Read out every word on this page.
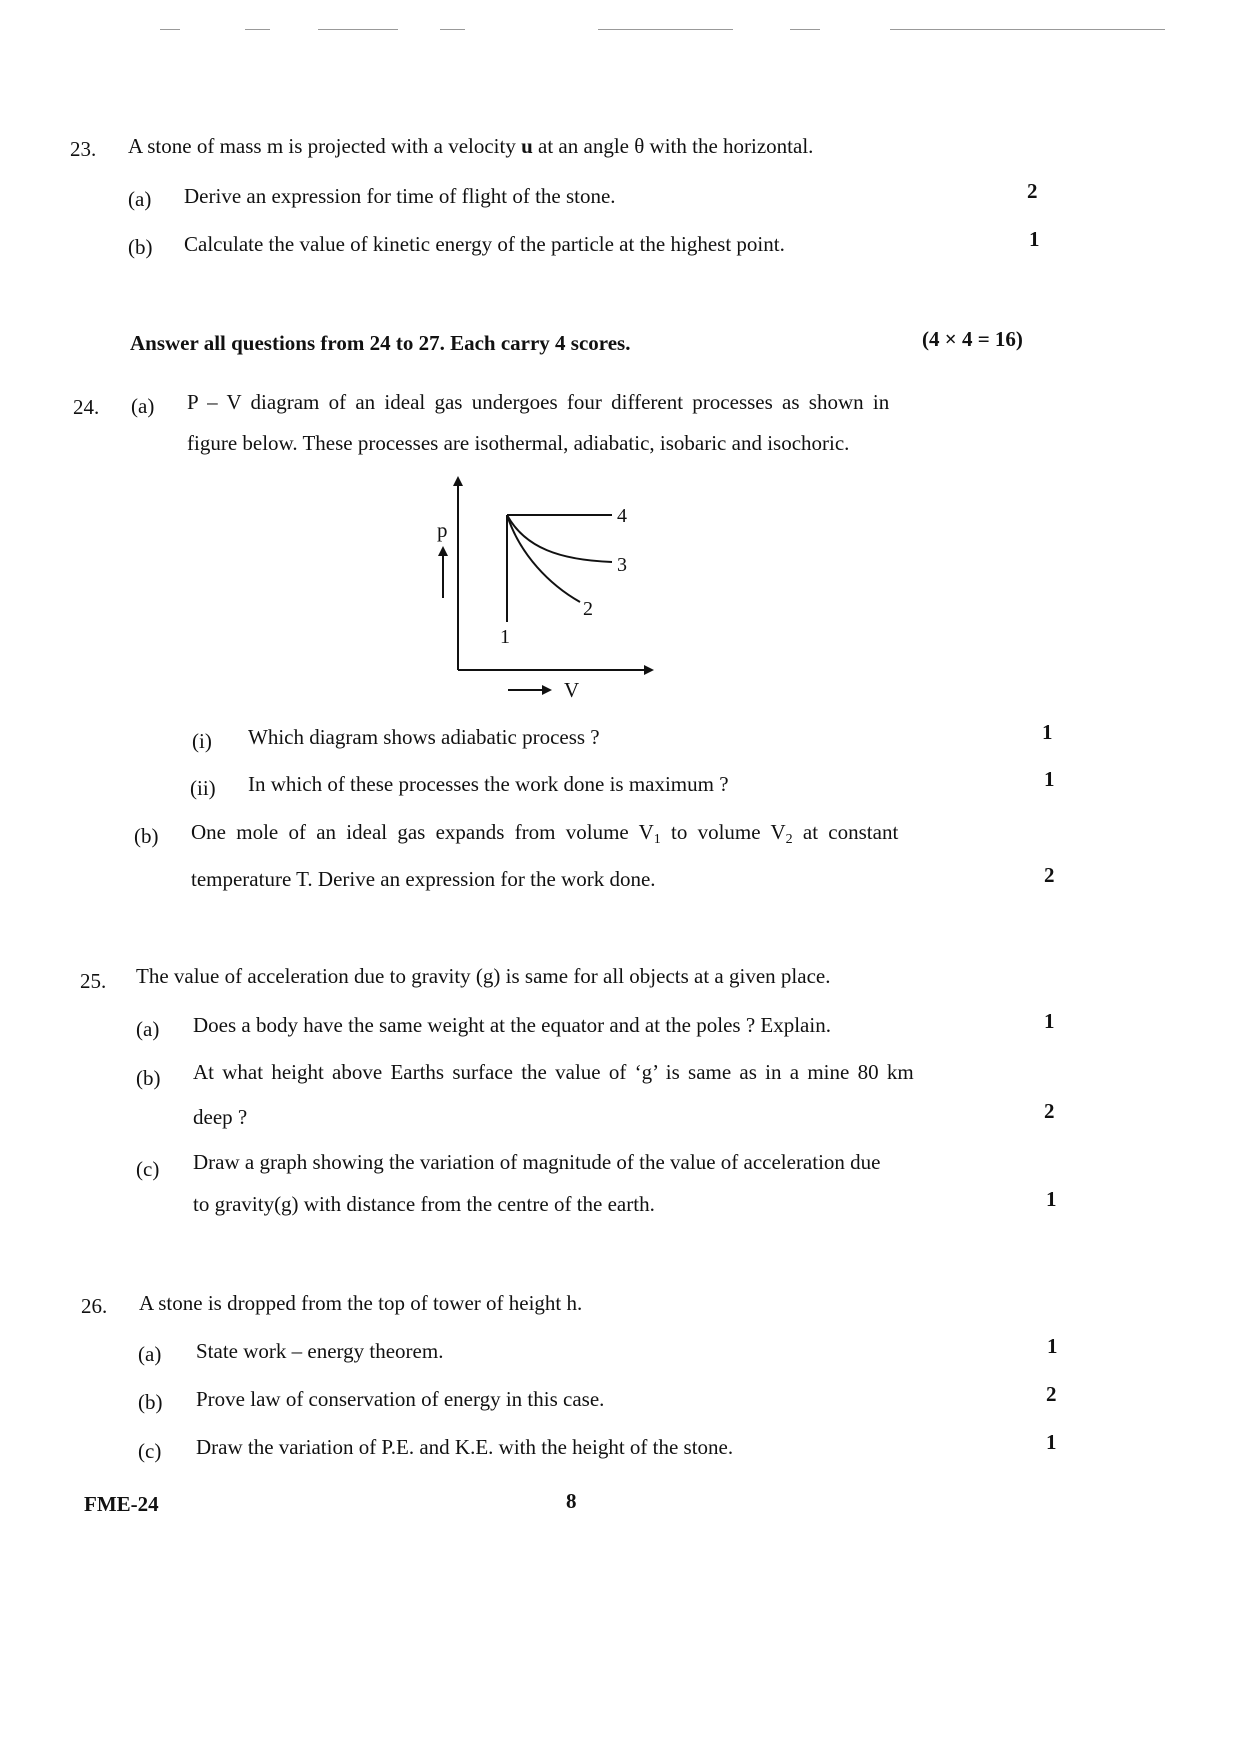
23. A stone of mass m is projected with a velocity u at an angle θ with the horizontal.
(a) Derive an expression for time of flight of the stone.	2
(b) Calculate the value of kinetic energy of the particle at the highest point.	1
Answer all questions from 24 to 27. Each carry 4 scores.	(4 × 4 = 16)
24. (a) P – V diagram of an ideal gas undergoes four different processes as shown in
figure below. These processes are isothermal, adiabatic, isobaric and isochoric.
p
V
1
2
3
4
(i) Which diagram shows adiabatic process ?	1
(ii) In which of these processes the work done is maximum ?	1
(b) One mole of an ideal gas expands from volume $V_1$ to volume $V_2$ at constant
temperature T. Derive an expression for the work done.	2
25. The value of acceleration due to gravity (g) is same for all objects at a given place.
(a) Does a body have the same weight at the equator and at the poles ? Explain.	1
(b) At what height above Earths surface the value of ‘g’ is same as in a mine 80 km
deep ?	2
(c) Draw a graph showing the variation of magnitude of the value of acceleration due
to gravity(g) with distance from the centre of the earth.	1
26. A stone is dropped from the top of tower of height h.
(a) State work – energy theorem.	1
(b) Prove law of conservation of energy in this case.	2
(c) Draw the variation of P.E. and K.E. with the height of the stone.	1
FME-24	8
